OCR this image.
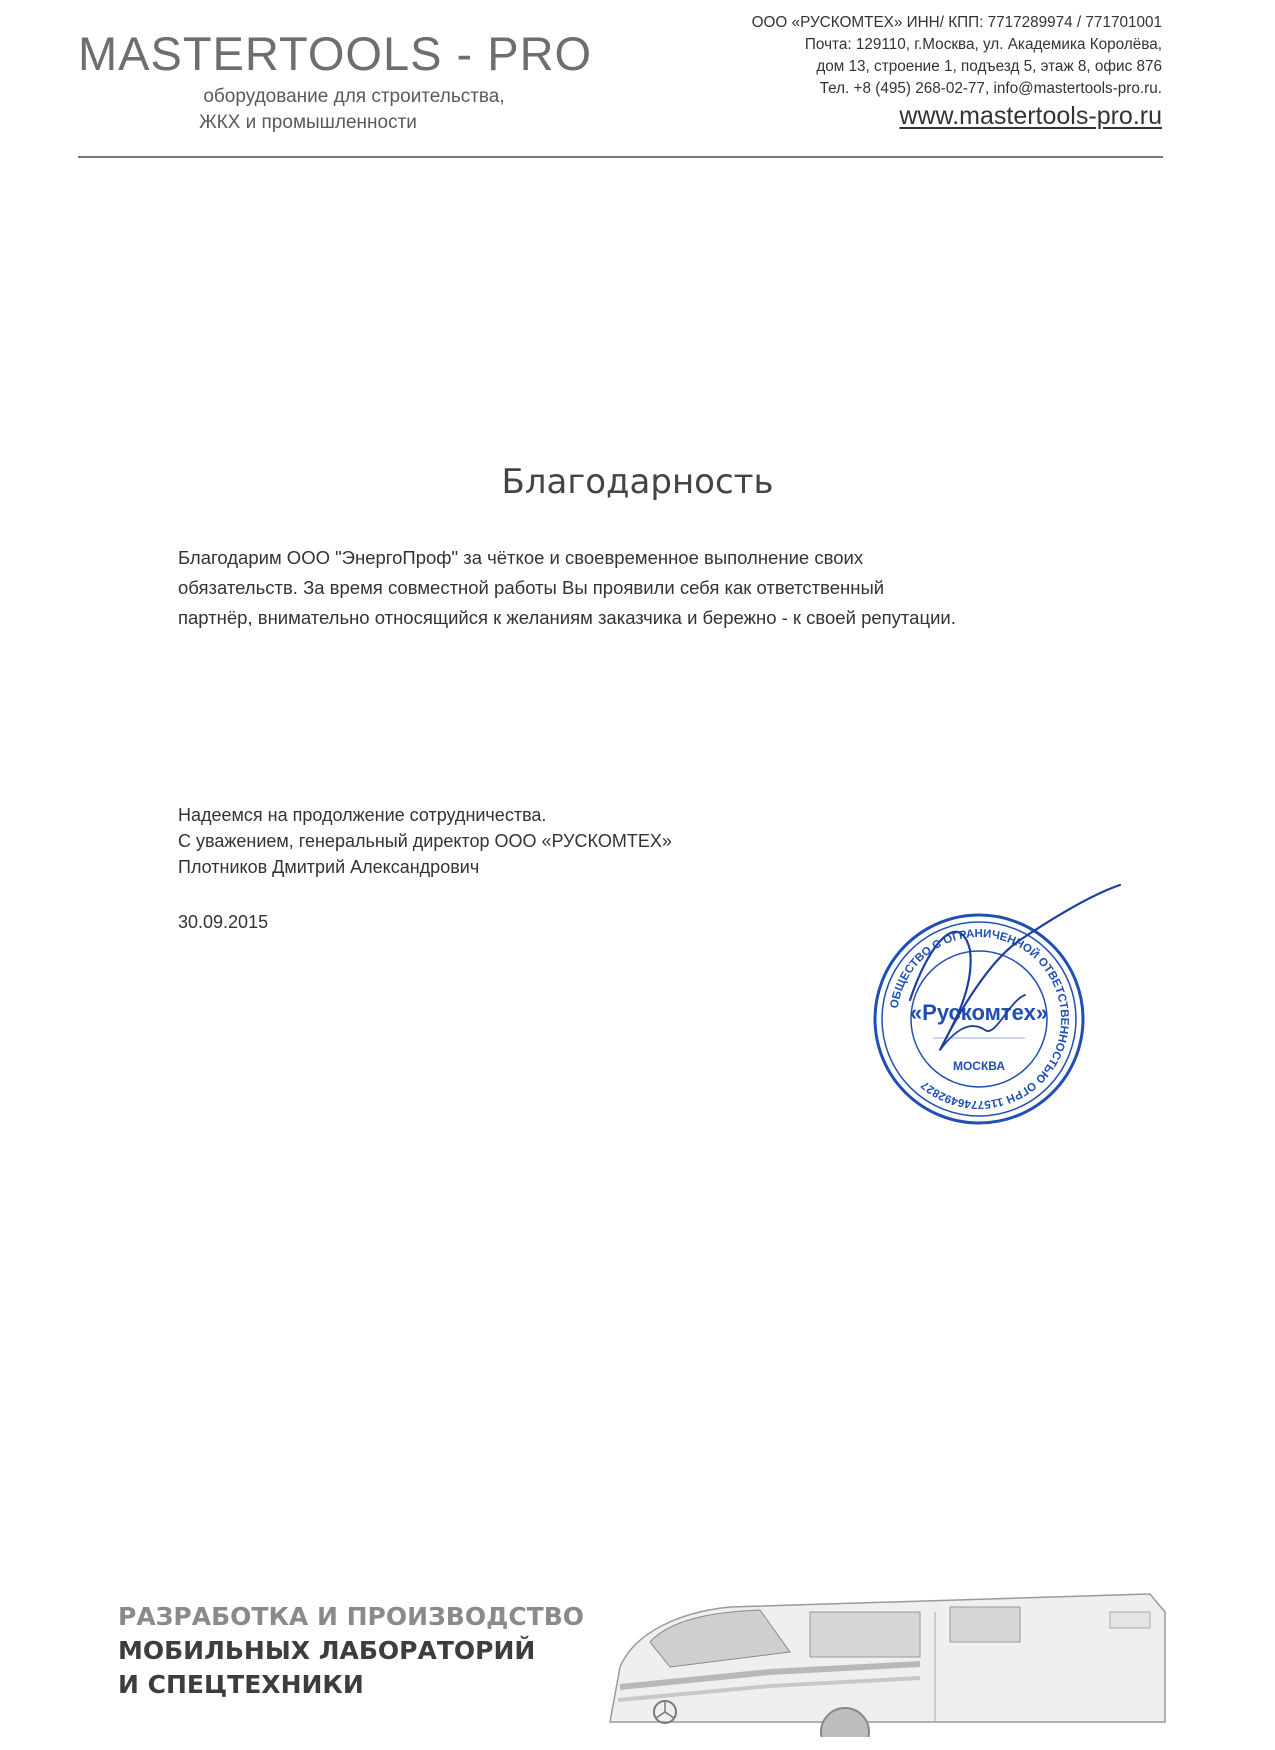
MASTERTOOLS - PRO
оборудование для строительства,
ЖКХ и промышленности
ООО «РУСКОМТЕХ» ИНН/ КПП: 7717289974 / 771701001
Почта: 129110, г.Москва, ул. Академика Королёва,
дом 13, строение 1, подъезд 5, этаж 8, офис 876
Тел. +8 (495) 268-02-77, info@mastertools-pro.ru.
www.mastertools-pro.ru
Благодарность
Благодарим ООО "ЭнергоПроф" за чёткое и своевременное выполнение своих
обязательств. За время совместной работы Вы проявили себя как ответственный
партнёр, внимательно относящийся к желаниям заказчика и бережно - к своей репутации.
Надеемся на продолжение сотрудничества.
С уважением, генеральный директор ООО «РУСКОМТЕХ»
Плотников Дмитрий Александрович
30.09.2015
ОБЩЕСТВО С ОГРАНИЧЕННОЙ ОТВЕТСТВЕННОСТЬЮ ОГРН 1157746492827
«Рускомтех»
МОСКВА
РАЗРАБОТКА И ПРОИЗВОДСТВО
МОБИЛЬНЫХ ЛАБОРАТОРИЙ
И СПЕЦТЕХНИКИ
